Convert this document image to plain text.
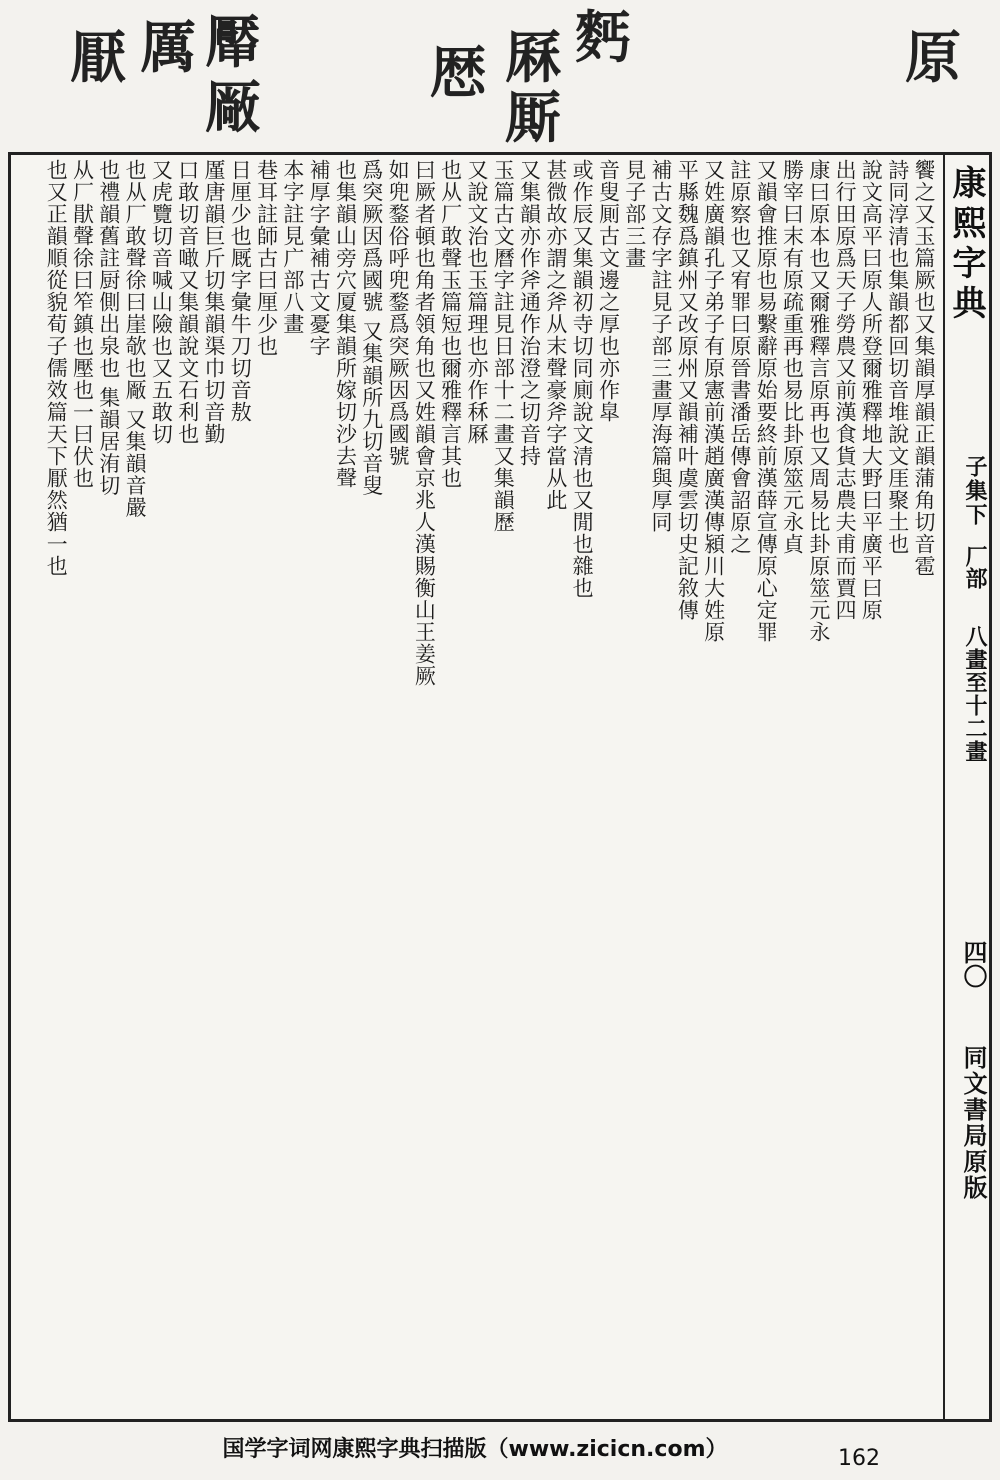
厭 厲 厴
厰
厯 厤 麫
厮
原

康熙字典
子集下
厂部
八畫至十二畫
四〇
同文書局原版
饗之又玉篇厥也又集韻厚韻正韻蒲角切音雹
詩同淳清也集韻都回切音堆說文厓聚土也
說文高平曰原人所登爾雅釋地大野曰平廣平曰原
出行田原爲天子勞農又前漢食貨志農夫甫而賈四
康曰原本也又爾雅釋言原再也又周易比卦原筮元永
勝宰曰末有原疏重再也易比卦原筮元永貞
又韻會推原也易繫辭原始要終前漢薛宣傳原心定罪
註原察也又宥罪曰原晉書潘岳傳會詔原之
又姓廣韻孔子弟子有原憲前漢趙廣漢傳潁川大姓原
平縣魏爲鎮州又改原州又韻補叶虞雲切史記敘傳
補古文存字註見子部三畫厚海篇與厚同
見子部三畫
音叟厠古文邊之厚也亦作皐
或作辰又集韻初寺切同廁說文清也又閒也雜也
甚微故亦謂之斧从末聲豪斧字當从此
又集韻亦作斧通作治澄之切音持
玉篇古文曆字註見日部十二畫又集韻歷
又說文治也玉篇理也亦作秝厤
也从厂敢聲玉篇短也爾雅釋言其也
曰厥者頓也角者領角也又姓韻會京兆人漢賜衡山王姜厥
如兜鍪俗呼兜鍪爲突厥因爲國號
爲突厥因爲國號 又集韻所九切音叟
也集韻山旁穴厦集韻所嫁切沙去聲
補厚字彙補古文憂字
本字註見广部八畫
巷耳註師古曰厘少也
日厘少也厩字彙牛刀切音敖
厪唐韻巨斤切集韻渠巾切音勤
口敢切音噉又集韻說文石利也
又虎覽切音喊山險也又五敢切
也从厂敢聲徐曰崖欹也厰 又集韻音嚴
也禮韻舊註厨側出泉也 集韻居洧切
从厂猒聲徐曰笮鎮也壓也一曰伏也
也又正韻順從貌荀子儒效篇天下厭然猶一也
国学字词网康熙字典扫描版（www.zicicn.com）	162
